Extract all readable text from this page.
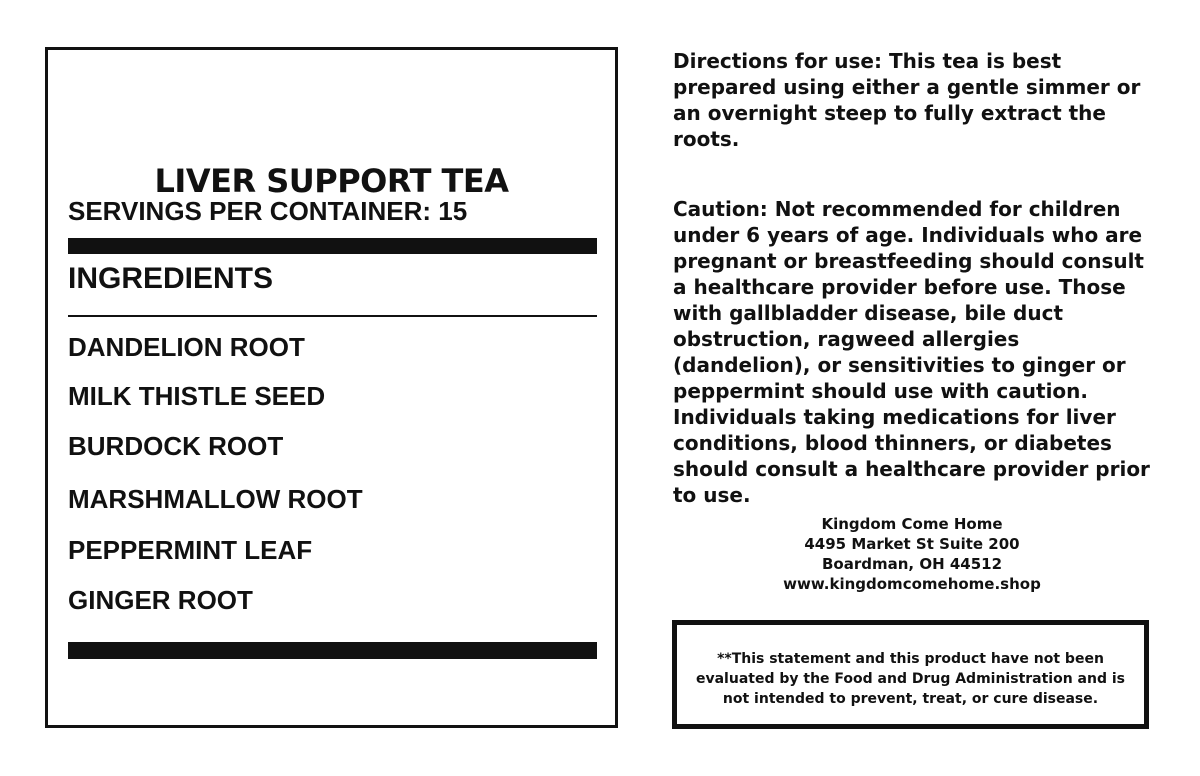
LIVER SUPPORT TEA
SERVINGS PER CONTAINER: 15
INGREDIENTS
DANDELION ROOT
MILK THISTLE SEED
BURDOCK ROOT
MARSHMALLOW ROOT
PEPPERMINT LEAF
GINGER ROOT
Directions for use: This tea is best prepared using either a gentle simmer or an overnight steep to fully extract the roots.
Caution: Not recommended for children under 6 years of age. Individuals who are pregnant or breastfeeding should consult a healthcare provider before use. Those with gallbladder disease, bile duct obstruction, ragweed allergies (dandelion), or sensitivities to ginger or peppermint should use with caution. Individuals taking medications for liver conditions, blood thinners, or diabetes should consult a healthcare provider prior to use.
Kingdom Come Home
4495 Market St Suite 200
Boardman, OH 44512
www.kingdomcomehome.shop
**This statement and this product have not been evaluated by the Food and Drug Administration and is not intended to prevent, treat, or cure disease.
